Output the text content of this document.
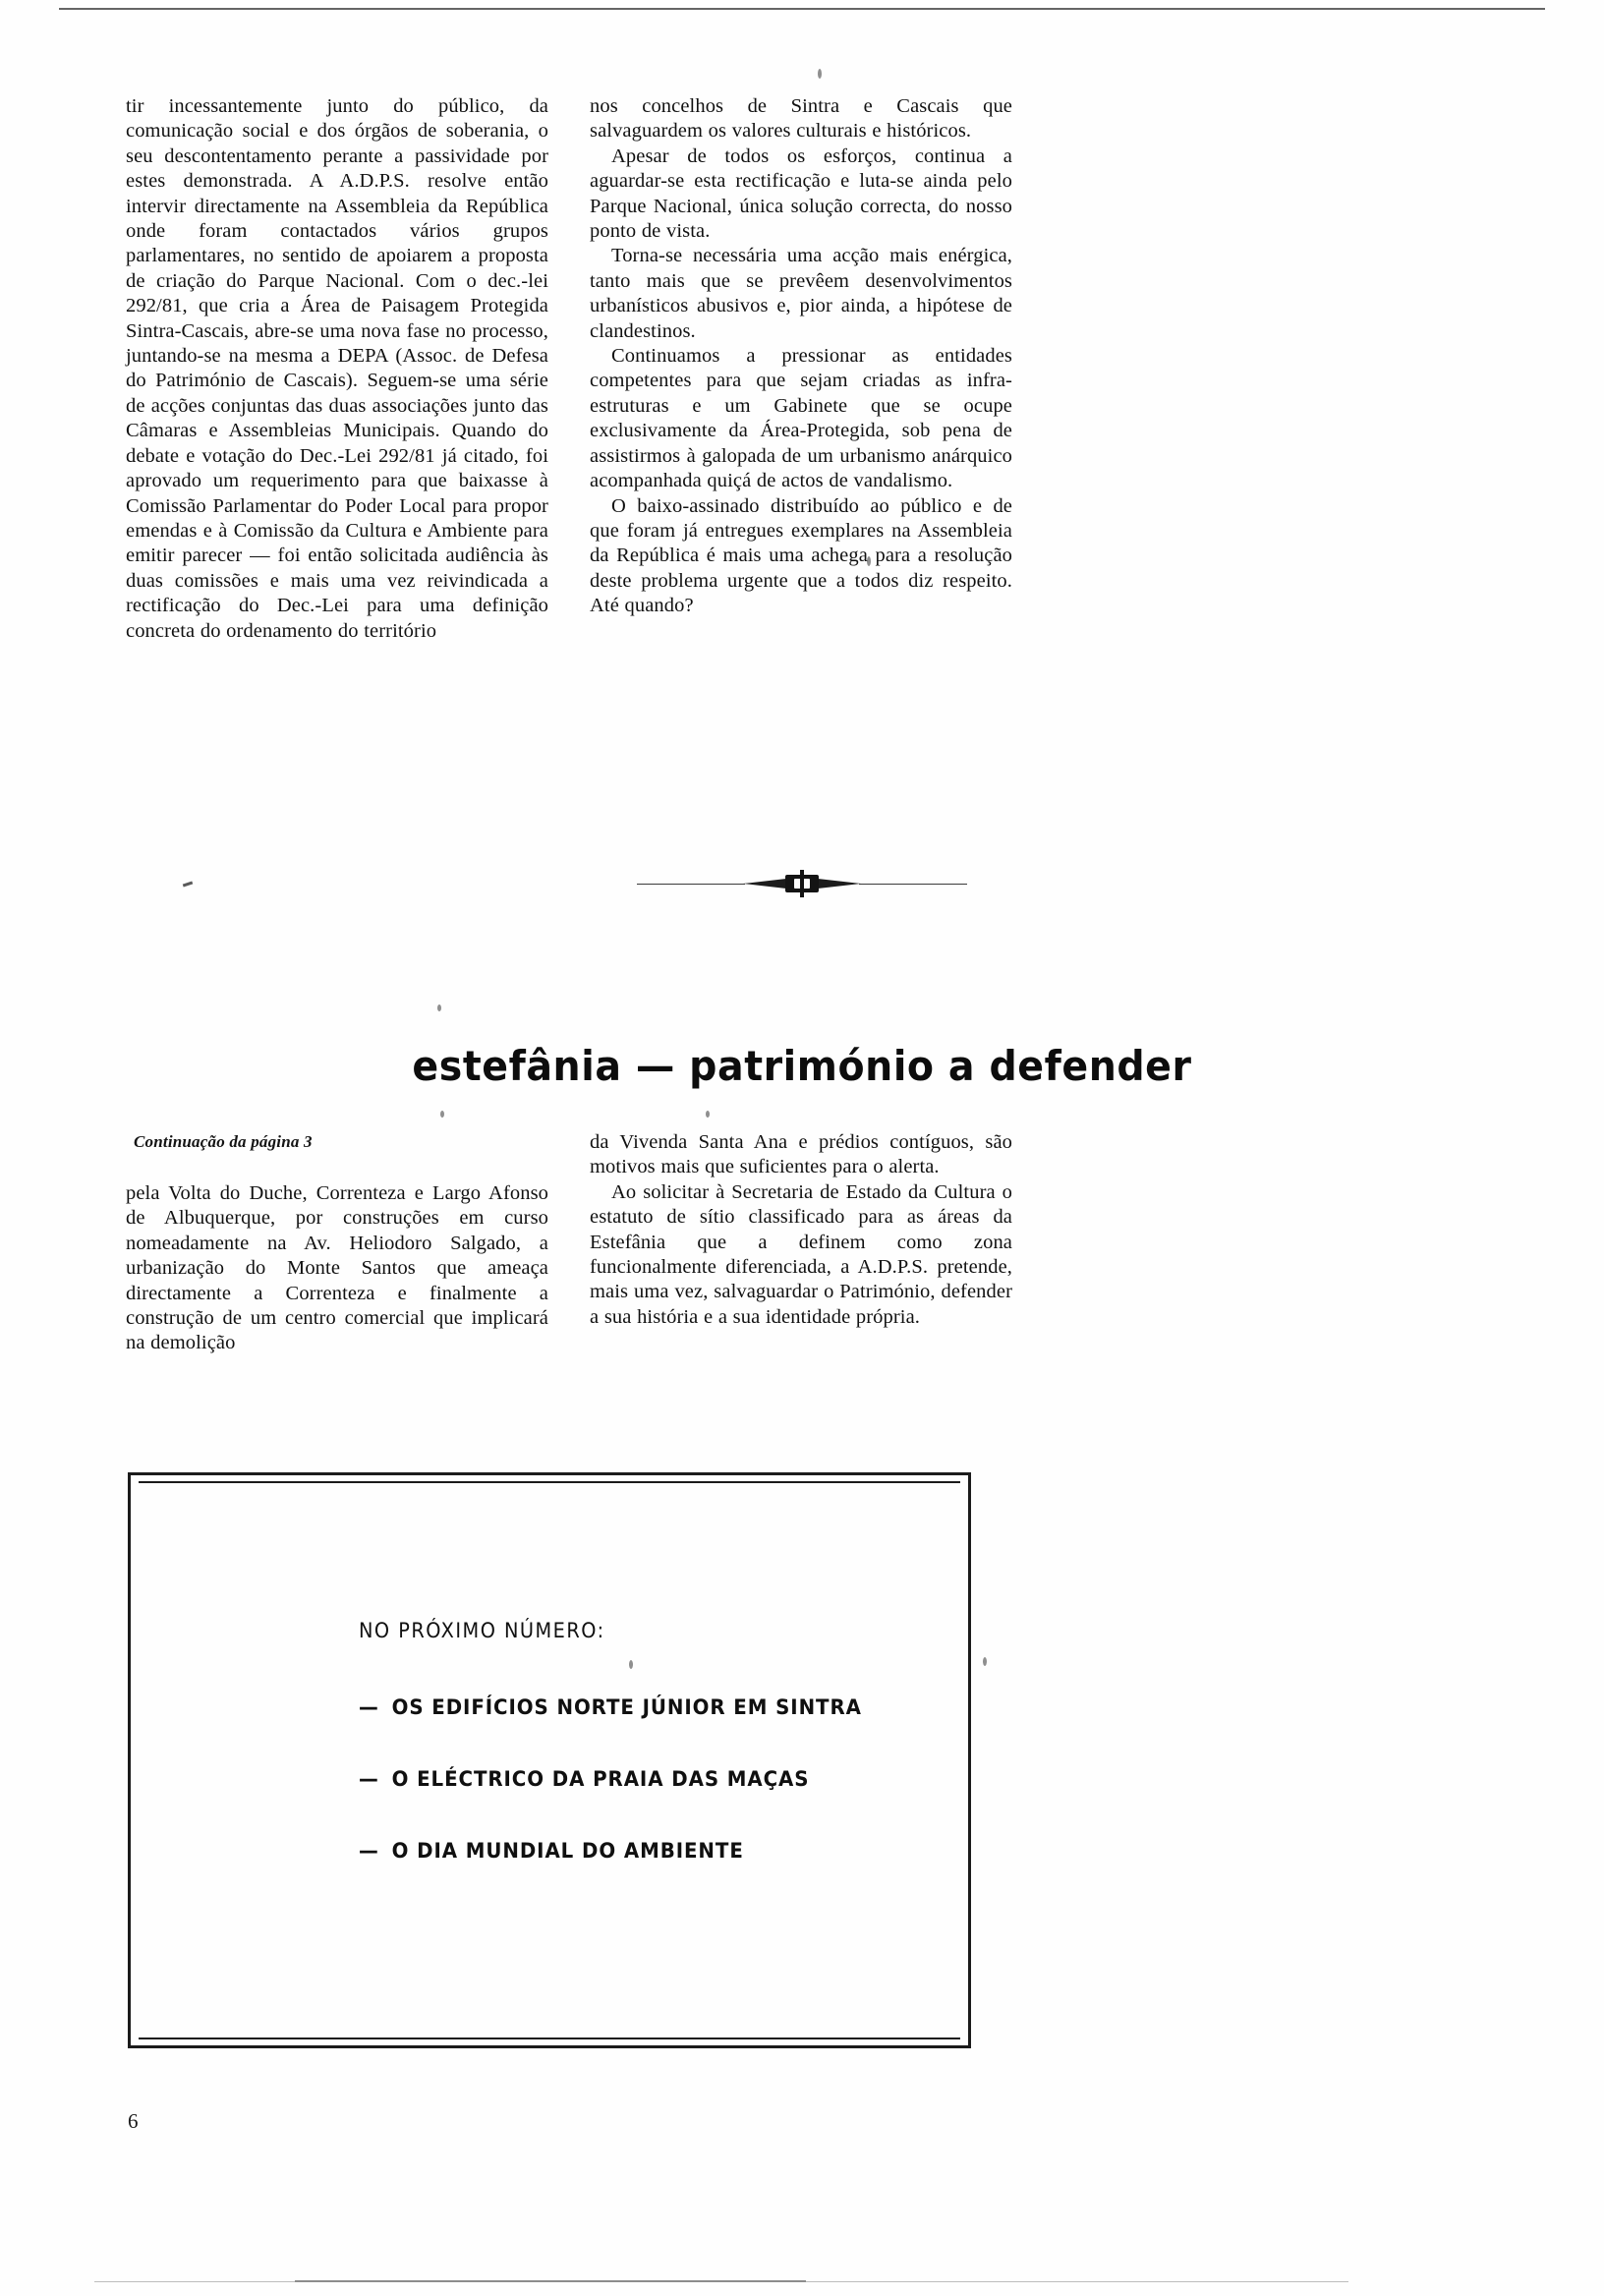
tir incessantemente junto do público, da comunicação social e dos órgãos de soberania, o seu descontentamento perante a passividade por estes demonstrada. A A.D.P.S. resolve então intervir directamente na Assembleia da República onde foram contactados vários grupos parlamentares, no sentido de apoiarem a proposta de criação do Parque Nacional. Com o dec.-lei 292/81, que cria a Área de Paisagem Protegida Sintra-Cascais, abre-se uma nova fase no processo, juntando-se na mesma a DEPA (Assoc. de Defesa do Património de Cascais). Seguem-se uma série de acções conjuntas das duas associações junto das Câmaras e Assembleias Municipais. Quando do debate e votação do Dec.-Lei 292/81 já citado, foi aprovado um requerimento para que baixasse à Comissão Parlamentar do Poder Local para propor emendas e à Comissão da Cultura e Ambiente para emitir parecer — foi então solicitada audiência às duas comissões e mais uma vez reivindicada a rectificação do Dec.-Lei para uma definição concreta do ordenamento do território

nos concelhos de Sintra e Cascais que salvaguardem os valores culturais e históricos.

Apesar de todos os esforços, continua a aguardar-se esta rectificação e luta-se ainda pelo Parque Nacional, única solução correcta, do nosso ponto de vista.

Torna-se necessária uma acção mais enérgica, tanto mais que se prevêem desenvolvimentos urbanísticos abusivos e, pior ainda, a hipótese de clandestinos.

Continuamos a pressionar as entidades competentes para que sejam criadas as infra-estruturas e um Gabinete que se ocupe exclusivamente da Área-Protegida, sob pena de assistirmos à galopada de um urbanismo anárquico acompanhada quiçá de actos de vandalismo.

O baixo-assinado distribuído ao público e de que foram já entregues exemplares na Assembleia da República é mais uma achega para a resolução deste problema urgente que a todos diz respeito. Até quando?

estefânia — património a defender
Continuação da página 3

pela Volta do Duche, Correnteza e Largo Afonso de Albuquerque, por construções em curso nomeadamente na Av. Heliodoro Salgado, a urbanização do Monte Santos que ameaça directamente a Correnteza e finalmente a construção de um centro comercial que implicará na demolição

da Vivenda Santa Ana e prédios contíguos, são motivos mais que suficientes para o alerta.

Ao solicitar à Secretaria de Estado da Cultura o estatuto de sítio classificado para as áreas da Estefânia que a definem como zona funcionalmente diferenciada, a A.D.P.S. pretende, mais uma vez, salvaguardar o Património, defender a sua história e a sua identidade própria.

NO PRÓXIMO NÚMERO:
— OS EDIFÍCIOS NORTE JÚNIOR EM SINTRA
— O ELÉCTRICO DA PRAIA DAS MAÇAS
— O DIA MUNDIAL DO AMBIENTE
6
